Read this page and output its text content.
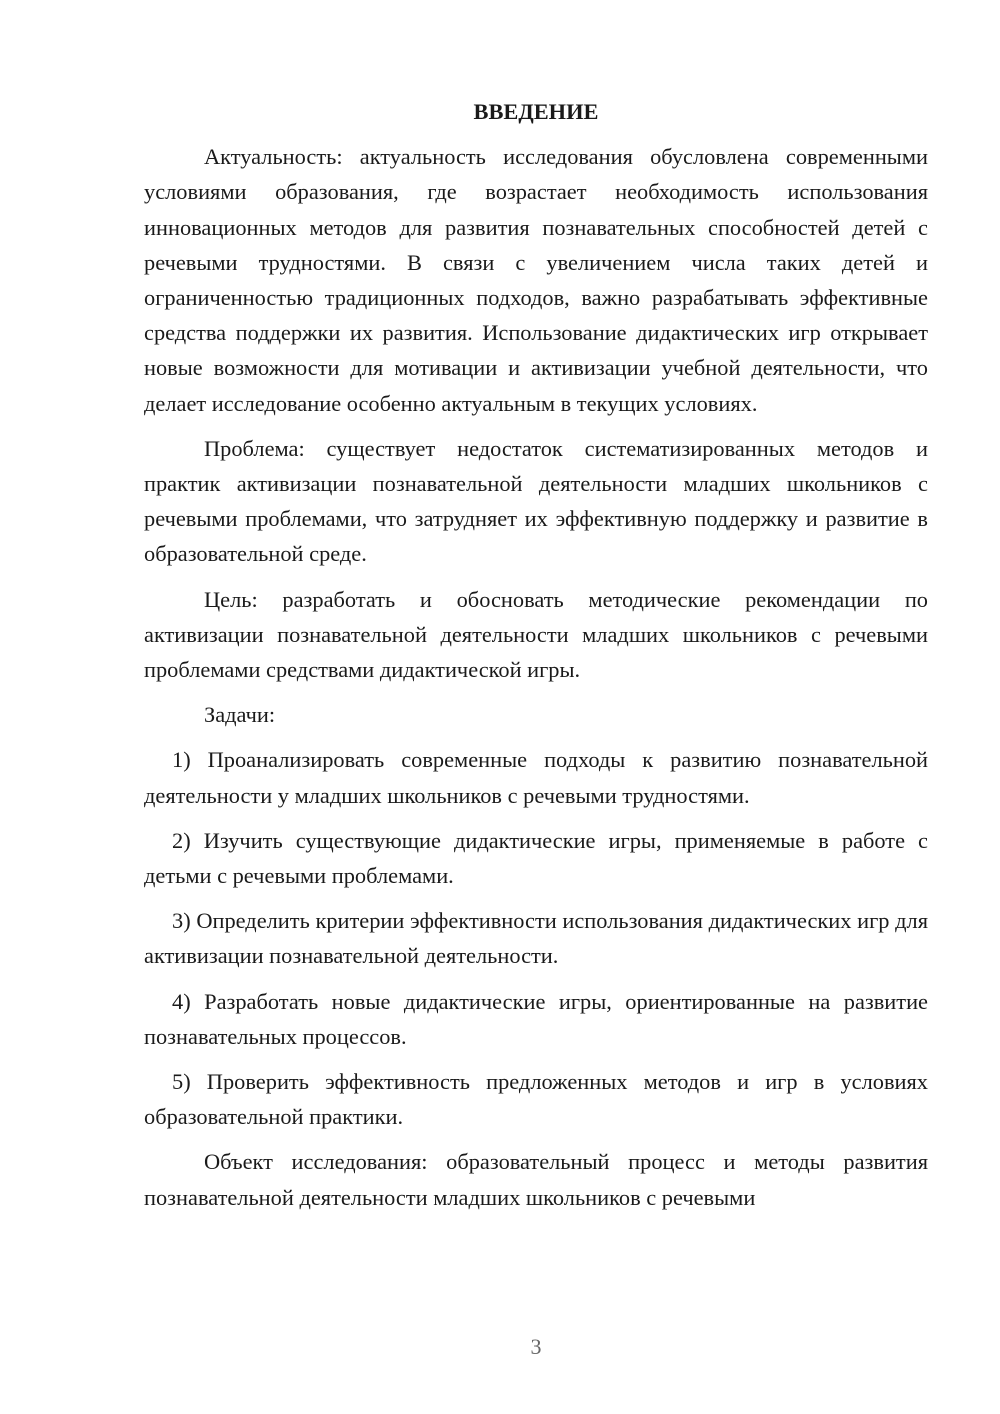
ВВЕДЕНИЕ

Актуальность: актуальность исследования обусловлена современными условиями образования, где возрастает необходимость использования инновационных методов для развития познавательных способностей детей с речевыми трудностями. В связи с увеличением числа таких детей и ограниченностью традиционных подходов, важно разрабатывать эффективные средства поддержки их развития. Использование дидактических игр открывает новые возможности для мотивации и активизации учебной деятельности, что делает исследование особенно актуальным в текущих условиях.

Проблема: существует недостаток систематизированных методов и практик активизации познавательной деятельности младших школьников с речевыми проблемами, что затрудняет их эффективную поддержку и развитие в образовательной среде.

Цель: разработать и обосновать методические рекомендации по активизации познавательной деятельности младших школьников с речевыми проблемами средствами дидактической игры.

Задачи:

1) Проанализировать современные подходы к развитию познавательной деятельности у младших школьников с речевыми трудностями.

2) Изучить существующие дидактические игры, применяемые в работе с детьми с речевыми проблемами.

3) Определить критерии эффективности использования дидактических игр для активизации познавательной деятельности.

4) Разработать новые дидактические игры, ориентированные на развитие познавательных процессов.

5) Проверить эффективность предложенных методов и игр в условиях образовательной практики.

Объект исследования: образовательный процесс и методы развития познавательной деятельности младших школьников с речевыми

3
